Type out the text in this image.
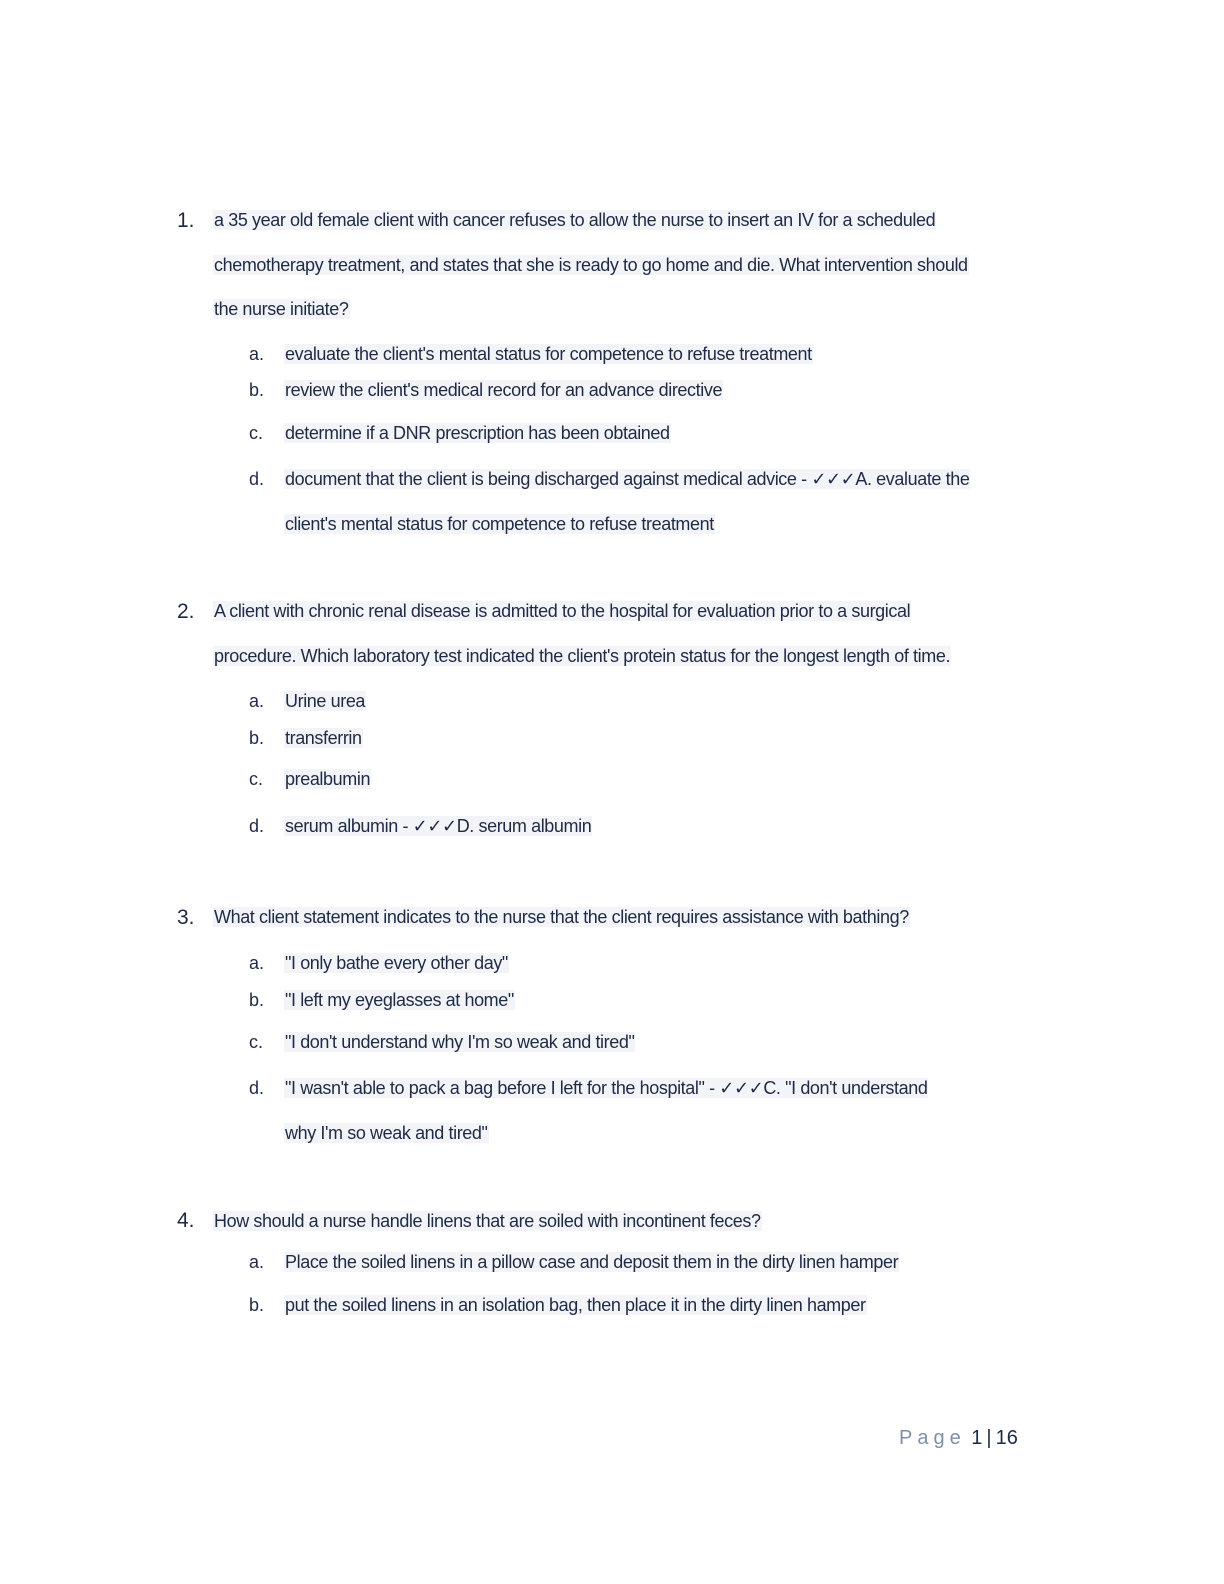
1. a 35 year old female client with cancer refuses to allow the nurse to insert an IV for a scheduled
chemotherapy treatment, and states that she is ready to go home and die. What intervention should
the nurse initiate?
a. evaluate the client's mental status for competence to refuse treatment
b. review the client's medical record for an advance directive
c. determine if a DNR prescription has been obtained
d. document that the client is being discharged against medical advice - ✓✓✓A. evaluate the
client's mental status for competence to refuse treatment
2. A client with chronic renal disease is admitted to the hospital for evaluation prior to a surgical
procedure. Which laboratory test indicated the client's protein status for the longest length of time.
a. Urine urea
b. transferrin
c. prealbumin
d. serum albumin - ✓✓✓D. serum albumin
3. What client statement indicates to the nurse that the client requires assistance with bathing?
a. "I only bathe every other day"
b. "I left my eyeglasses at home"
c. "I don't understand why I'm so weak and tired"
d. "I wasn't able to pack a bag before I left for the hospital" - ✓✓✓C. "I don't understand
why I'm so weak and tired"
4. How should a nurse handle linens that are soiled with incontinent feces?
a. Place the soiled linens in a pillow case and deposit them in the dirty linen hamper
b. put the soiled linens in an isolation bag, then place it in the dirty linen hamper
Page 1 | 16
